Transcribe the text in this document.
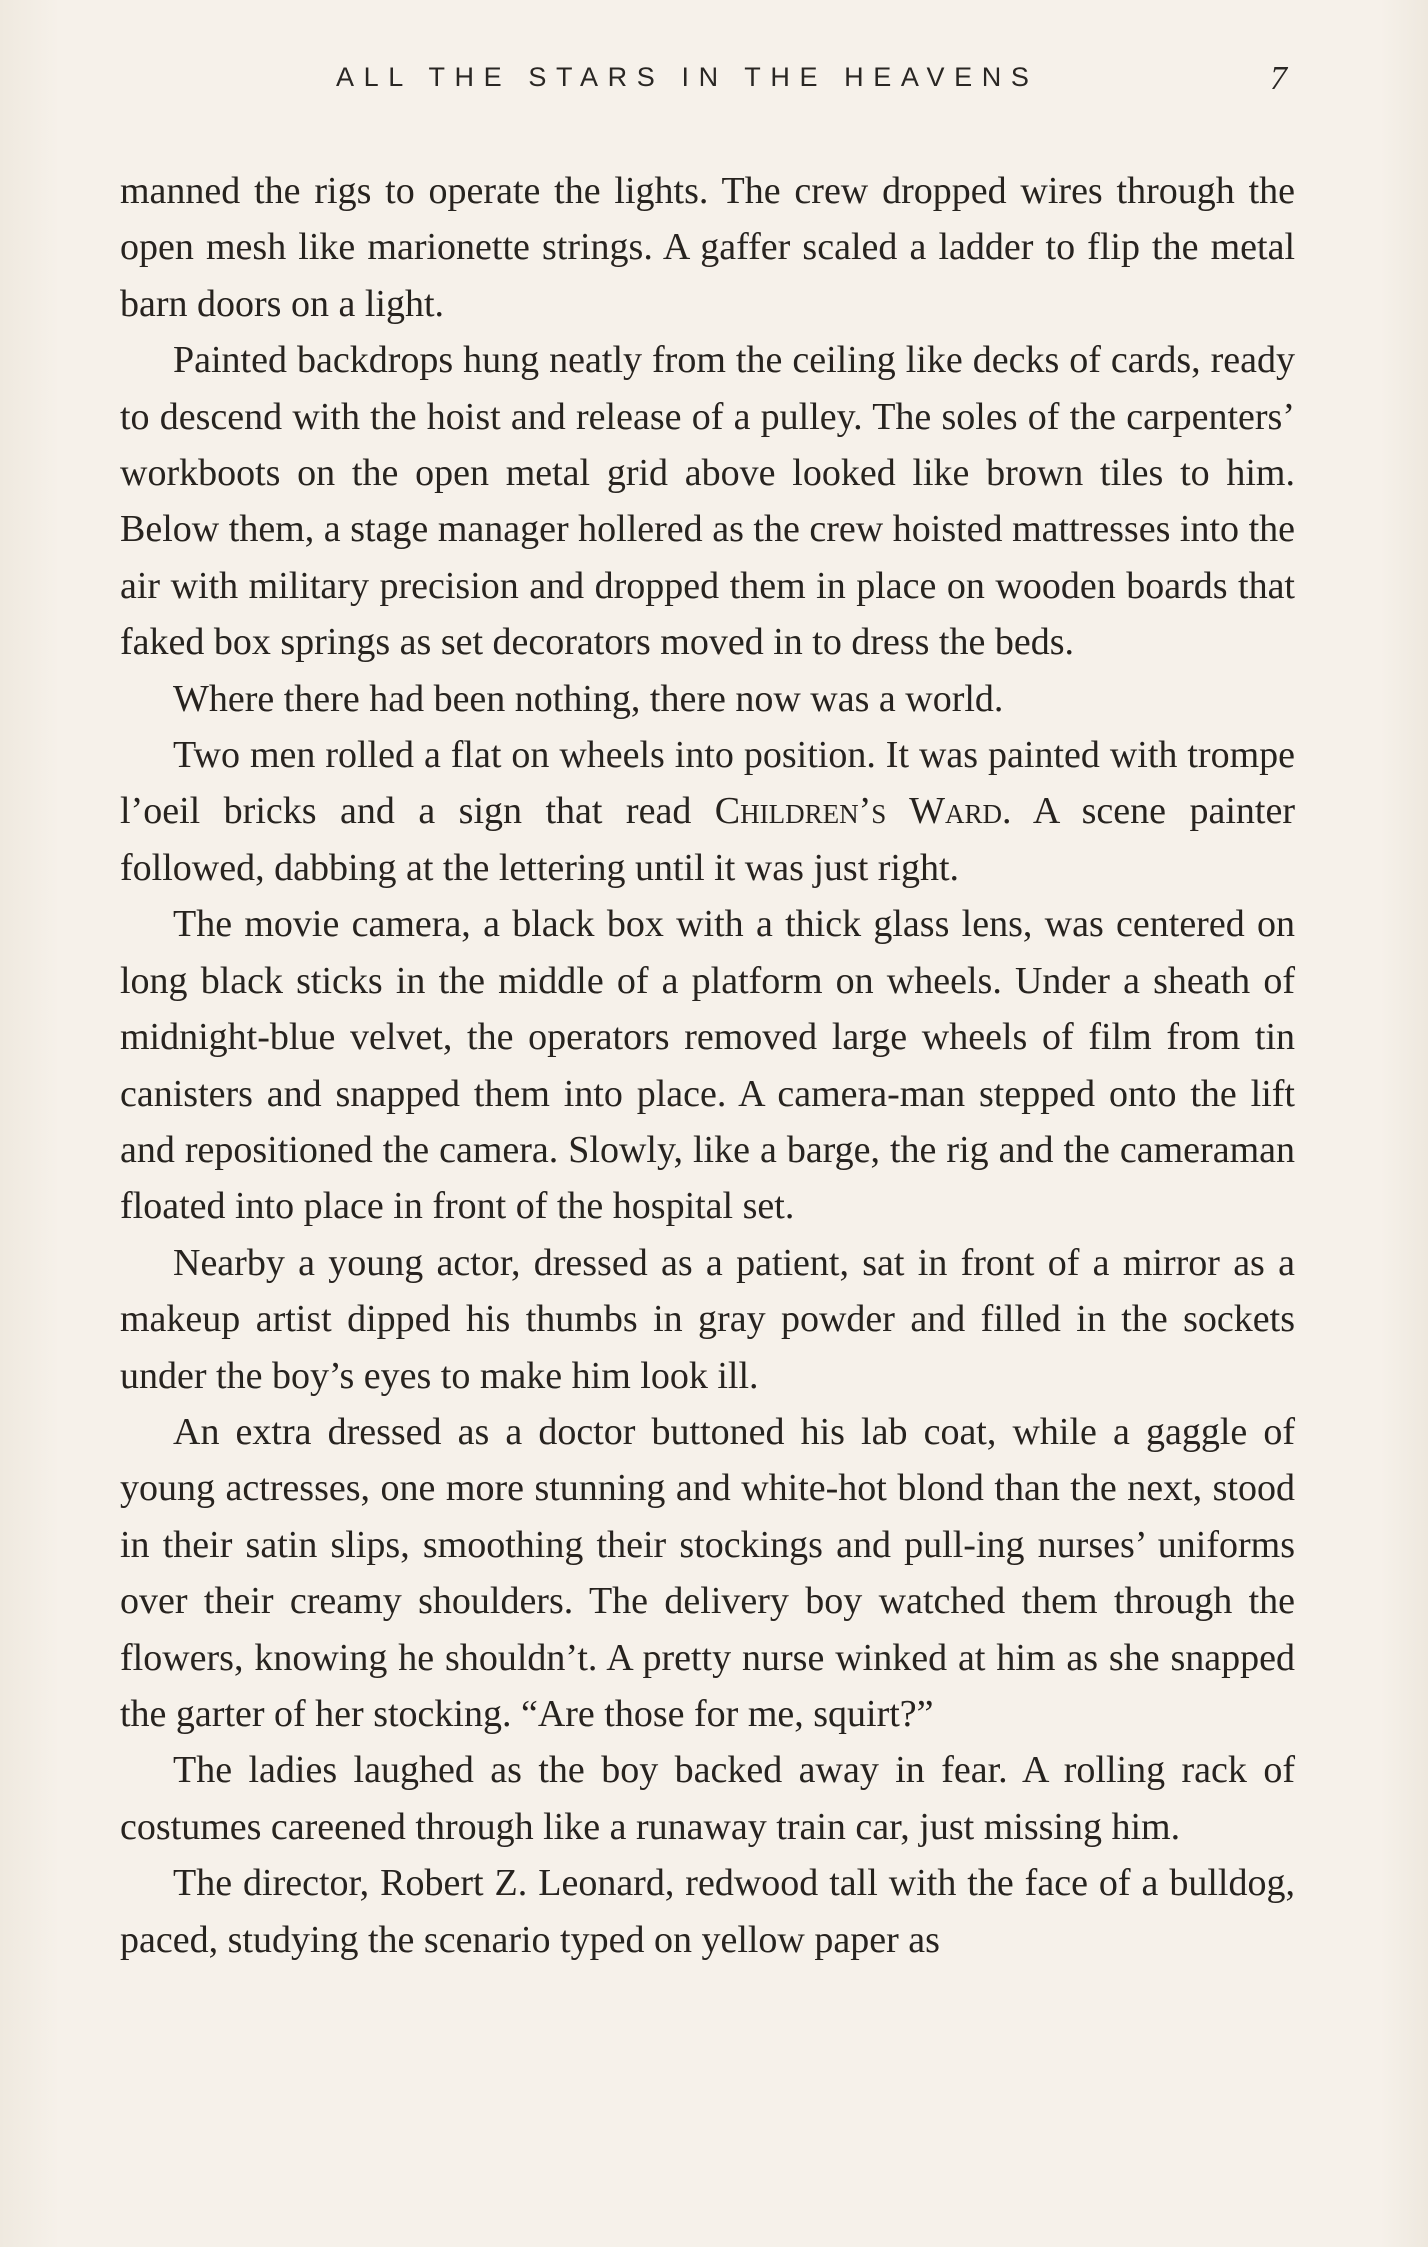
ALL THE STARS IN THE HEAVENS	7

manned the rigs to operate the lights. The crew dropped wires through the open mesh like marionette strings. A gaffer scaled a ladder to flip the metal barn doors on a light.

Painted backdrops hung neatly from the ceiling like decks of cards, ready to descend with the hoist and release of a pulley. The soles of the carpenters’ workboots on the open metal grid above looked like brown tiles to him. Below them, a stage manager hollered as the crew hoisted mattresses into the air with military precision and dropped them in place on wooden boards that faked box springs as set decorators moved in to dress the beds.

Where there had been nothing, there now was a world.

Two men rolled a flat on wheels into position. It was painted with trompe l’oeil bricks and a sign that read Children’s Ward. A scene painter followed, dabbing at the lettering until it was just right.

The movie camera, a black box with a thick glass lens, was centered on long black sticks in the middle of a platform on wheels. Under a sheath of midnight-blue velvet, the operators removed large wheels of film from tin canisters and snapped them into place. A camera-man stepped onto the lift and repositioned the camera. Slowly, like a barge, the rig and the cameraman floated into place in front of the hospital set.

Nearby a young actor, dressed as a patient, sat in front of a mirror as a makeup artist dipped his thumbs in gray powder and filled in the sockets under the boy’s eyes to make him look ill.

An extra dressed as a doctor buttoned his lab coat, while a gaggle of young actresses, one more stunning and white-hot blond than the next, stood in their satin slips, smoothing their stockings and pull-ing nurses’ uniforms over their creamy shoulders. The delivery boy watched them through the flowers, knowing he shouldn’t. A pretty nurse winked at him as she snapped the garter of her stocking. “Are those for me, squirt?”

The ladies laughed as the boy backed away in fear. A rolling rack of costumes careened through like a runaway train car, just missing him.

The director, Robert Z. Leonard, redwood tall with the face of a bulldog, paced, studying the scenario typed on yellow paper as
